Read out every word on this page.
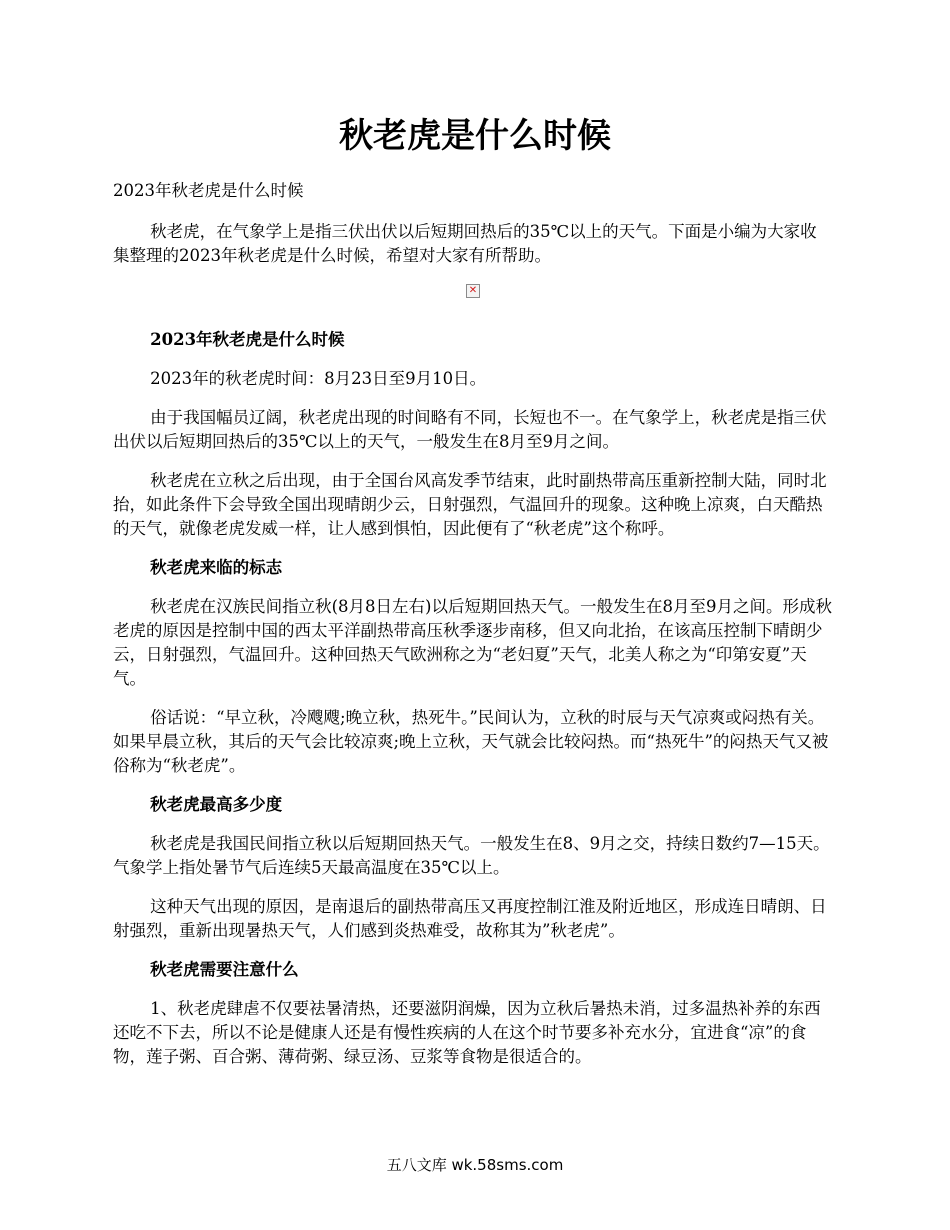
秋老虎是什么时候

2023年秋老虎是什么时候

秋老虎，在气象学上是指三伏出伏以后短期回热后的35℃以上的天气。下面是小编为大家收集整理的2023年秋老虎是什么时候，希望对大家有所帮助。

✕

2023年秋老虎是什么时候

2023年的秋老虎时间：8月23日至9月10日。

由于我国幅员辽阔，秋老虎出现的时间略有不同，长短也不一。在气象学上，秋老虎是指三伏出伏以后短期回热后的35℃以上的天气，一般发生在8月至9月之间。

秋老虎在立秋之后出现，由于全国台风高发季节结束，此时副热带高压重新控制大陆，同时北抬，如此条件下会导致全国出现晴朗少云，日射强烈，气温回升的现象。这种晚上凉爽，白天酷热的天气，就像老虎发威一样，让人感到惧怕，因此便有了“秋老虎”这个称呼。

秋老虎来临的标志

秋老虎在汉族民间指立秋(8月8日左右)以后短期回热天气。一般发生在8月至9月之间。形成秋老虎的原因是控制中国的西太平洋副热带高压秋季逐步南移，但又向北抬，在该高压控制下晴朗少云，日射强烈，气温回升。这种回热天气欧洲称之为“老妇夏”天气，北美人称之为“印第安夏”天气。

俗话说：“早立秋，冷飕飕;晚立秋，热死牛。”民间认为，立秋的时辰与天气凉爽或闷热有关。如果早晨立秋，其后的天气会比较凉爽;晚上立秋，天气就会比较闷热。而“热死牛”的闷热天气又被俗称为“秋老虎”。

秋老虎最高多少度

秋老虎是我国民间指立秋以后短期回热天气。一般发生在8、9月之交，持续日数约7—15天。气象学上指处暑节气后连续5天最高温度在35℃以上。

这种天气出现的原因，是南退后的副热带高压又再度控制江淮及附近地区，形成连日晴朗、日射强烈，重新出现暑热天气，人们感到炎热难受，故称其为”秋老虎”。

秋老虎需要注意什么

1、秋老虎肆虐不仅要祛暑清热，还要滋阴润燥，因为立秋后暑热未消，过多温热补养的东西还吃不下去，所以不论是健康人还是有慢性疾病的人在这个时节要多补充水分，宜进食“凉”的食物，莲子粥、百合粥、薄荷粥、绿豆汤、豆浆等食物是很适合的。

五八文库 wk.58sms.com
